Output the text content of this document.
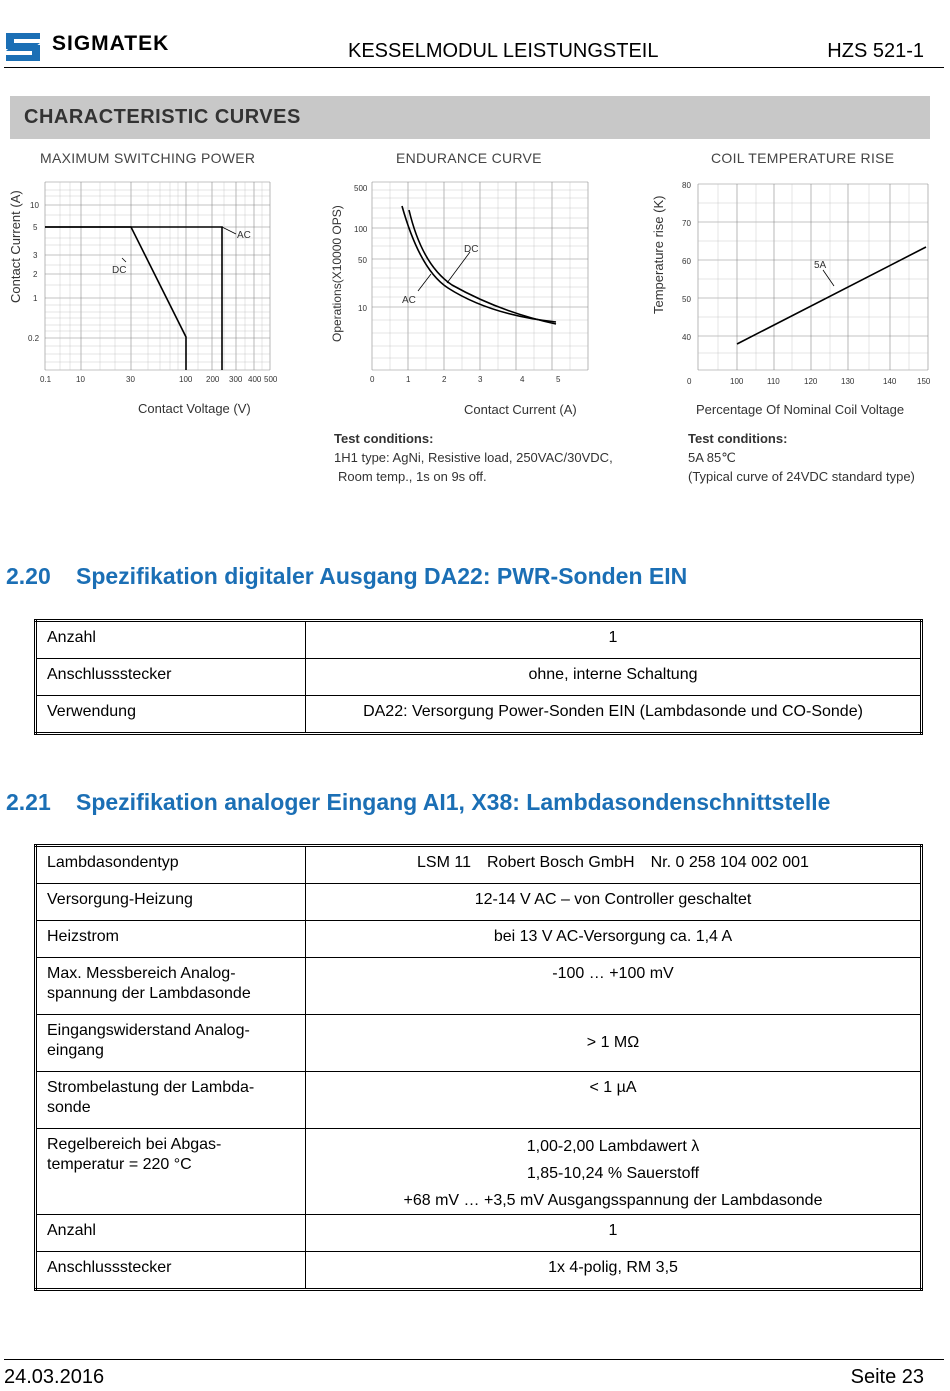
SIGMATEK	KESSELMODUL LEISTUNGSTEIL	HZS 521-1
CHARACTERISTIC CURVES
MAXIMUM SWITCHING POWER	ENDURANCE CURVE	COIL TEMPERATURE RISE
AC
DC
10
5
3
2
1
0.2
0.1	10	30	100 200 300 400 500
Contact Voltage (V)
Contact Current (A)	DC
AC
500
100
50
10
0	1	2	3	4	5
Contact Current (A)
Operations(X10000 OPS)	5A
80
70
60
50
40
0	100	110	120	130	140	150
Percentage Of Nominal Coil Voltage
Temperature rise (K)
Test conditions:
1H1 type: AgNi, Resistive load, 250VAC/30VDC,
Room temp., 1s on 9s off.
Test conditions:
5A 85℃
(Typical curve of 24VDC standard type)
2.20 Spezifikation digitaler Ausgang DA22: PWR-Sonden EIN
Anzahl	1
Anschlussstecker	ohne, interne Schaltung
Verwendung	DA22: Versorgung Power-Sonden EIN (Lambdasonde und CO-Sonde)
2.21 Spezifikation analoger Eingang AI1, X38: Lambdasondenschnittstelle
Lambdasondentyp	LSM 11 Robert Bosch GmbH Nr. 0 258 104 002 001
Versorgung-Heizung	12-14 V AC – von Controller geschaltet
Heizstrom	bei 13 V AC-Versorgung ca. 1,4 A
Max. Messbereich Analog-spannung der Lambdasonde	-100 … +100 mV
Eingangswiderstand Analog-eingang	> 1 MΩ
Strombelastung der Lambda-sonde	< 1 µA
Regelbereich bei Abgas-temperatur = 220 °C	1,00-2,00 Lambdawert λ
1,85-10,24 % Sauerstoff
+68 mV … +3,5 mV Ausgangsspannung der Lambdasonde

Anzahl	1
Anschlussstecker	1x 4-polig, RM 3,5
24.03.2016	Seite 23
